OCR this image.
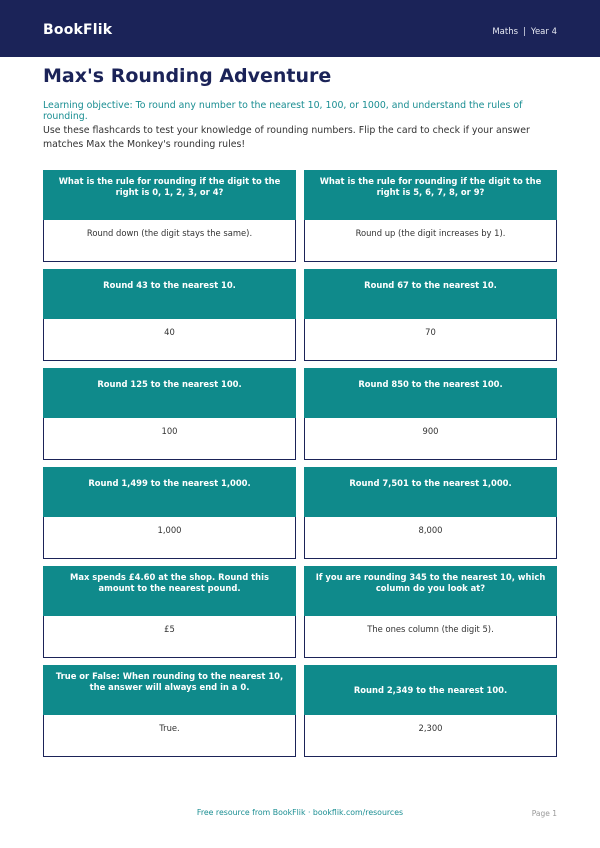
BookFlik	Maths | Year 4
Max's Rounding Adventure
Learning objective: To round any number to the nearest 10, 100, or 1000, and understand the rules of rounding.
Use these flashcards to test your knowledge of rounding numbers. Flip the card to check if your answer matches Max the Monkey's rounding rules!
What is the rule for rounding if the digit to the right is 0, 1, 2, 3, or 4?
Round down (the digit stays the same).
What is the rule for rounding if the digit to the right is 5, 6, 7, 8, or 9?
Round up (the digit increases by 1).
Round 43 to the nearest 10.
40
Round 67 to the nearest 10.
70
Round 125 to the nearest 100.
100
Round 850 to the nearest 100.
900
Round 1,499 to the nearest 1,000.
1,000
Round 7,501 to the nearest 1,000.
8,000
Max spends £4.60 at the shop. Round this amount to the nearest pound.
£5
If you are rounding 345 to the nearest 10, which column do you look at?
The ones column (the digit 5).
True or False: When rounding to the nearest 10, the answer will always end in a 0.
True.
Round 2,349 to the nearest 100.
2,300
Free resource from BookFlik · bookflik.com/resources	Page 1
